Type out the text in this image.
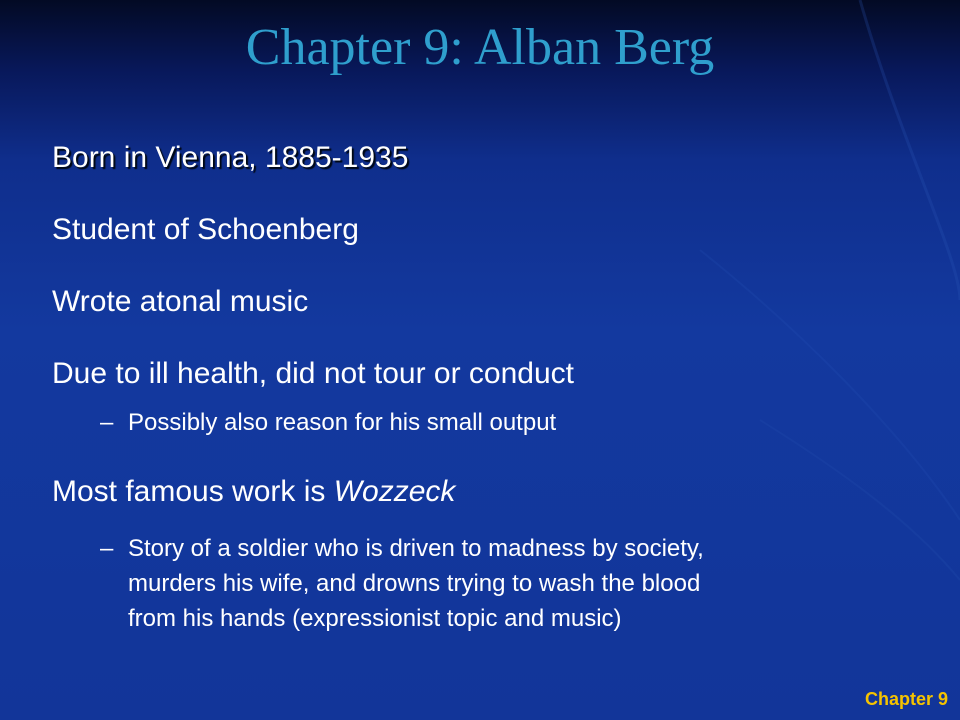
Chapter 9: Alban Berg
Born in Vienna, 1885-1935
Student of Schoenberg
Wrote atonal music
Due to ill health, did not tour or conduct
– Possibly also reason for his small output
Most famous work is Wozzeck
– Story of a soldier who is driven to madness by society,
murders his wife, and drowns trying to wash the blood
from his hands (expressionist topic and music)
Chapter 9
